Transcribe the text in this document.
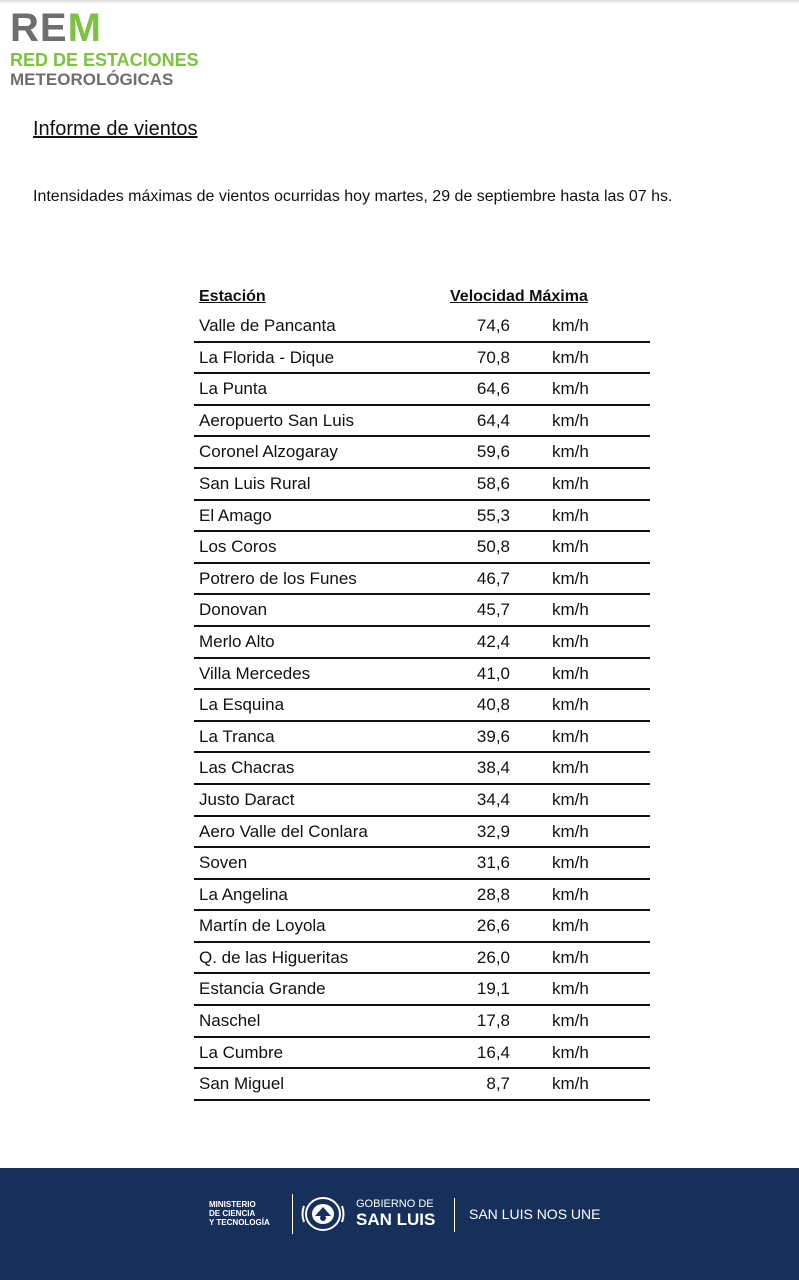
REM
RED DE ESTACIONES
METEOROLÓGICAS
Informe de vientos
Intensidades máximas de vientos ocurridas hoy martes, 29 de septiembre hasta las 07 hs.
Estación	Velocidad Máxima
Valle de Pancanta	74,6 km/h
La Florida - Dique	70,8 km/h
La Punta	64,6 km/h
Aeropuerto San Luis	64,4 km/h
Coronel Alzogaray	59,6 km/h
San Luis Rural	58,6 km/h
El Amago	55,3 km/h
Los Coros	50,8 km/h
Potrero de los Funes	46,7 km/h
Donovan	45,7 km/h
Merlo Alto	42,4 km/h
Villa Mercedes	41,0 km/h
La Esquina	40,8 km/h
La Tranca	39,6 km/h
Las Chacras	38,4 km/h
Justo Daract	34,4 km/h
Aero Valle del Conlara	32,9 km/h
Soven	31,6 km/h
La Angelina	28,8 km/h
Martín de Loyola	26,6 km/h
Q. de las Higueritas	26,0 km/h
Estancia Grande	19,1 km/h
Naschel	17,8 km/h
La Cumbre	16,4 km/h
San Miguel	8,7 km/h
MINISTERIO
DE CIENCIA
Y TECNOLOGÍA
GOBIERNO DE
SAN LUIS SAN LUIS NOS UNE
